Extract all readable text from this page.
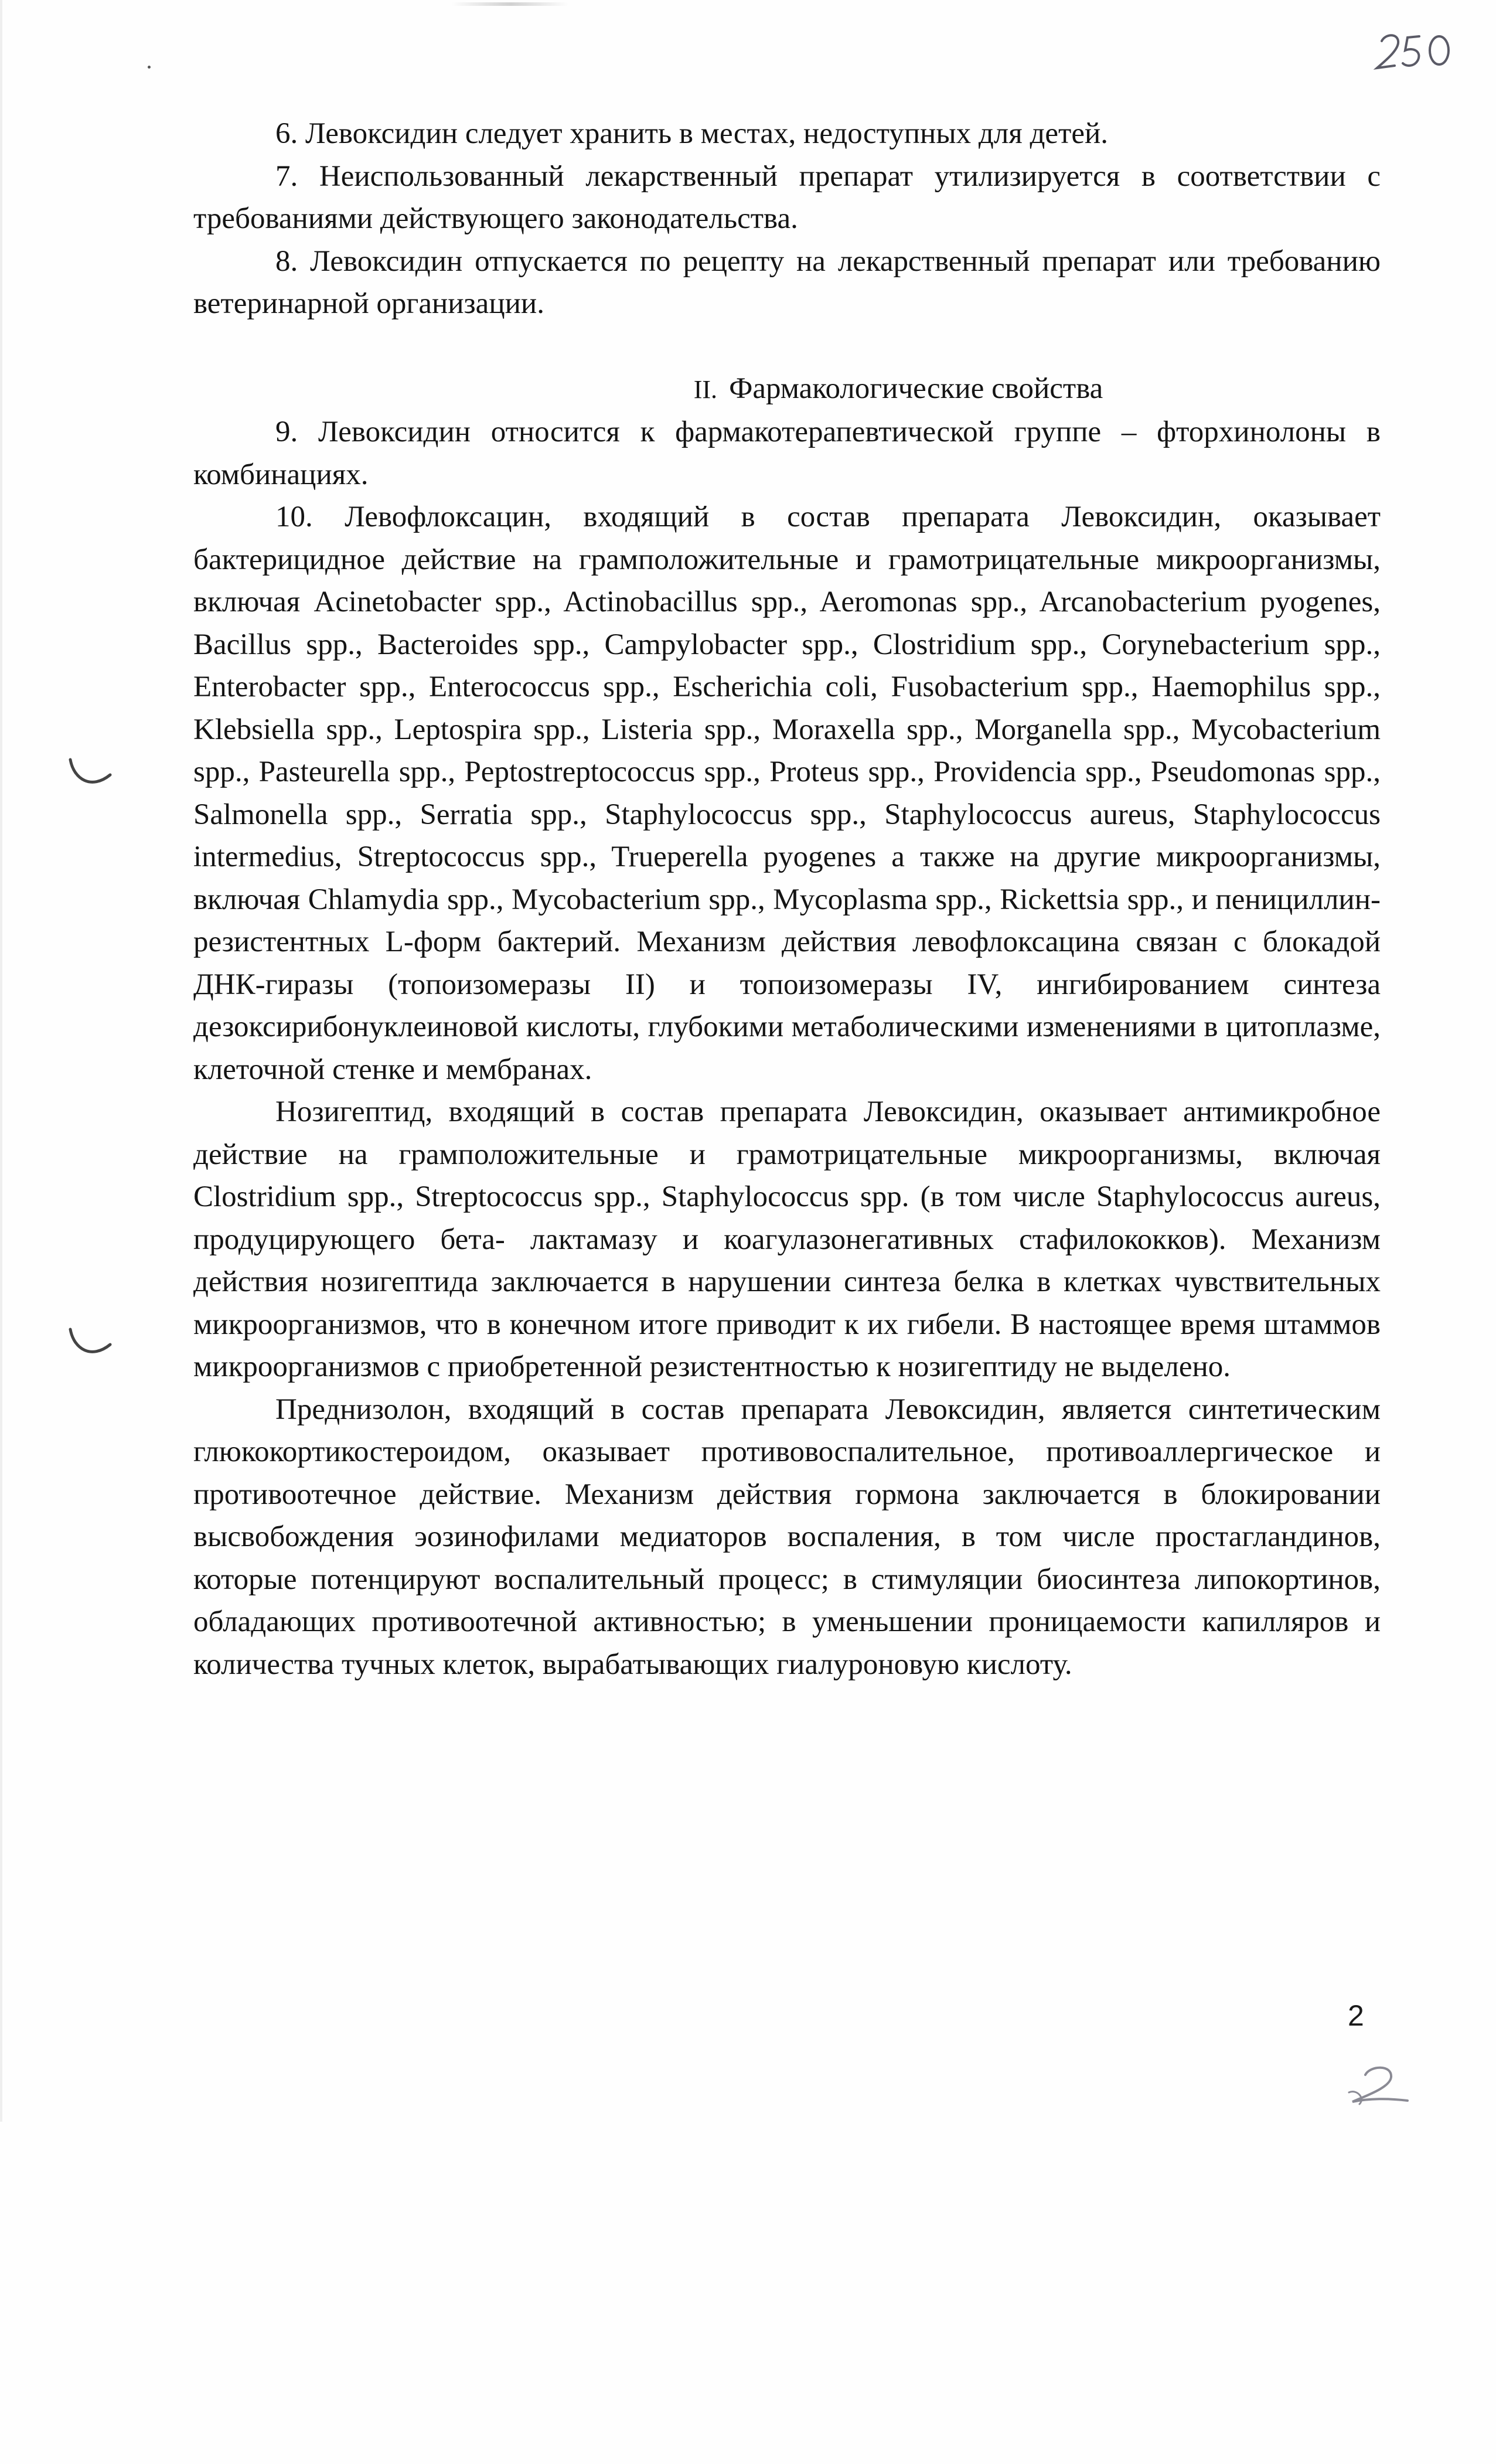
6. Левоксидин следует хранить в местах, недоступных для детей.

7. Неиспользованный лекарственный препарат утилизируется в соответствии с требованиями действующего законодательства.

8. Левоксидин отпускается по рецепту на лекарственный препарат или требованию ветеринарной организации.

II. Фармакологические свойства

9. Левоксидин относится к фармакотерапевтической группе – фторхинолоны в комбинациях.

10. Левофлоксацин, входящий в состав препарата Левоксидин, оказывает бактерицидное действие на грамположительные и грамотрицательные микроорганизмы, включая Acinetobacter spp., Actinobacillus spp., Aeromonas spp., Arcanobacterium pyogenes, Bacillus spp., Bacteroides spp., Campylobacter spp., Clostridium spp., Corynebacterium spp., Enterobacter spp., Enterococcus spp., Escherichia coli, Fusobacterium spp., Haemophilus spp., Klebsiella spp., Leptospira spp., Listeria spp., Moraxella spp., Morganella spp., Mycobacterium spp., Pasteurella spp., Peptostreptococcus spp., Proteus spp., Providencia spp., Pseudomonas spp., Salmonella spp., Serratia spp., Staphylococcus spp., Staphylococcus aureus, Staphylococcus intermedius, Streptococcus spp., Trueperella pyogenes а также на другие микроорганизмы, включая Chlamydia spp., Mycobacterium spp., Mycoplasma spp., Rickettsia spp., и пенициллин-резистентных L-форм бактерий. Механизм действия левофлоксацина связан с блокадой ДНК-гиразы (топоизомеразы II) и топоизомеразы IV, ингибированием синтеза дезоксирибонуклеиновой кислоты, глубокими метаболическими изменениями в цитоплазме, клеточной стенке и мембранах.

Нозигептид, входящий в состав препарата Левоксидин, оказывает антимикробное действие на грамположительные и грамотрицательные микроорганизмы, включая Clostridium spp., Streptococcus spp., Staphylococcus spp. (в том числе Staphylococcus aureus, продуцирующего бета- лактамазу и коагулазонегативных стафилококков). Механизм действия нозигептида заключается в нарушении синтеза белка в клетках чувствительных микроорганизмов, что в конечном итоге приводит к их гибели. В настоящее время штаммов микроорганизмов с приобретенной резистентностью к нозигептиду не выделено.

Преднизолон, входящий в состав препарата Левоксидин, является синтетическим глюкокортикостероидом, оказывает противовоспалительное, противоаллергическое и противоотечное действие. Механизм действия гормона заключается в блокировании высвобождения эозинофилами медиаторов воспаления, в том числе простагландинов, которые потенцируют воспалительный процесс; в стимуляции биосинтеза липокортинов, обладающих противоотечной активностью; в уменьшении проницаемости капилляров и количества тучных клеток, вырабатывающих гиалуроновую кислоту.

2
